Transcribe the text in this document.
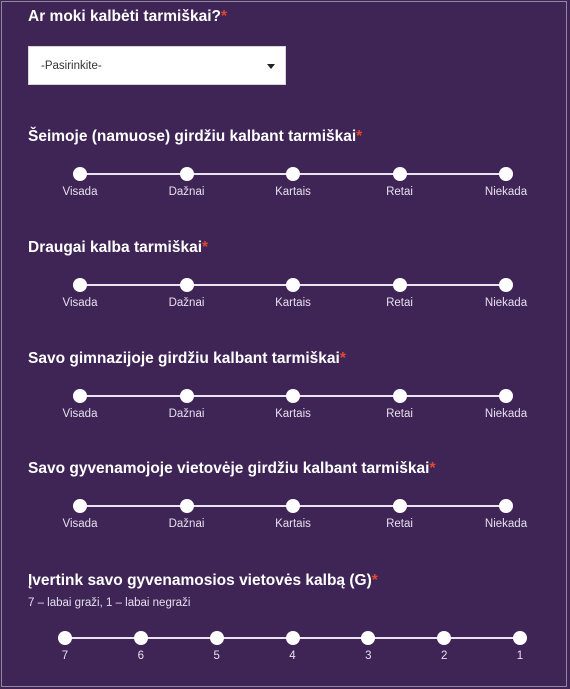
Ar moki kalbėti tarmiškai?*
-Pasirinkite-
Šeimoje (namuose) girdžiu kalbant tarmiškai*
Visada	Dažnai	Kartais	Retai	Niekada
Draugai kalba tarmiškai*
Visada	Dažnai	Kartais	Retai	Niekada
Savo gimnazijoje girdžiu kalbant tarmiškai*
Visada	Dažnai	Kartais	Retai	Niekada
Savo gyvenamojoje vietovėje girdžiu kalbant tarmiškai*
Visada	Dažnai	Kartais	Retai	Niekada
Įvertink savo gyvenamosios vietovės kalbą (G)*
7 – labai graži, 1 – labai negraži
7	6	5	4	3	2	1
